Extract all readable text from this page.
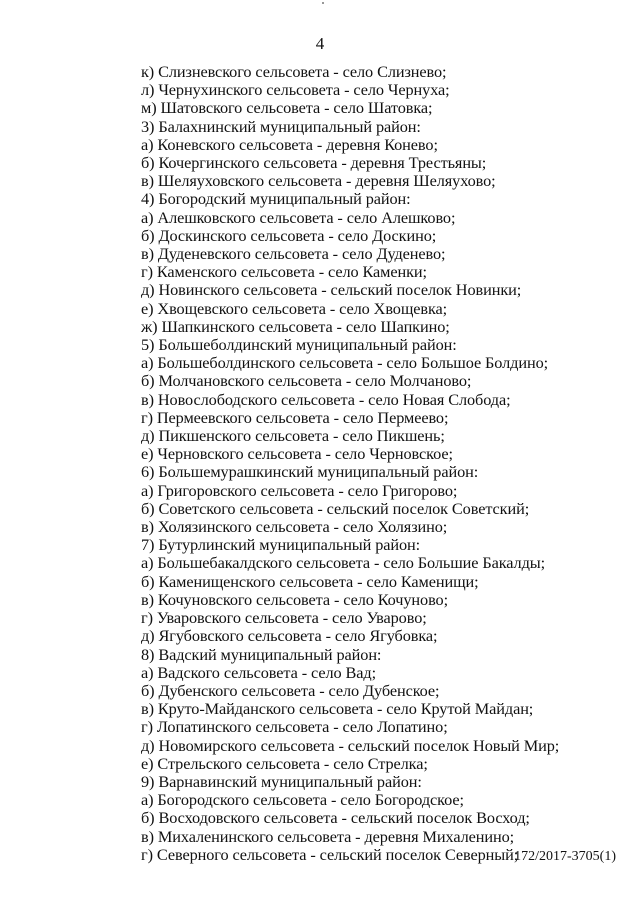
4
к) Слизневского сельсовета - село Слизнево;
л) Чернухинского сельсовета - село Чернуха;
м) Шатовского сельсовета - село Шатовка;
3) Балахнинский муниципальный район:
а) Коневского сельсовета - деревня Конево;
б) Кочергинского сельсовета - деревня Трестьяны;
в) Шеляуховского сельсовета - деревня Шеляухово;
4) Богородский муниципальный район:
а) Алешковского сельсовета - село Алешково;
б) Доскинского сельсовета - село Доскино;
в) Дуденевского сельсовета - село Дуденево;
г) Каменского сельсовета - село Каменки;
д) Новинского сельсовета - сельский поселок Новинки;
е) Хвощевского сельсовета - село Хвощевка;
ж) Шапкинского сельсовета - село Шапкино;
5) Большеболдинский муниципальный район:
а) Большеболдинского сельсовета - село Большое Болдино;
б) Молчановского сельсовета - село Молчаново;
в) Новослободского сельсовета - село Новая Слобода;
г) Пермеевского сельсовета - село Пермеево;
д) Пикшенского сельсовета - село Пикшень;
е) Черновского сельсовета - село Черновское;
6) Большемурашкинский муниципальный район:
а) Григоровского сельсовета - село Григорово;
б) Советского сельсовета - сельский поселок Советский;
в) Холязинского сельсовета - село Холязино;
7) Бутурлинский муниципальный район:
а) Большебакалдского сельсовета - село Большие Бакалды;
б) Каменищенского сельсовета - село Каменищи;
в) Кочуновского сельсовета - село Кочуново;
г) Уваровского сельсовета - село Уварово;
д) Ягубовского сельсовета - село Ягубовка;
8) Вадский муниципальный район:
а) Вадского сельсовета - село Вад;
б) Дубенского сельсовета - село Дубенское;
в) Круто-Майданского сельсовета - село Крутой Майдан;
г) Лопатинского сельсовета - село Лопатино;
д) Новомирского сельсовета - сельский поселок Новый Мир;
е) Стрельского сельсовета - село Стрелка;
9) Варнавинский муниципальный район:
а) Богородского сельсовета - село Богородское;
б) Восходовского сельсовета - сельский поселок Восход;
в) Михаленинского сельсовета - деревня Михаленино;
г) Северного сельсовета - сельский поселок Северный;
172/2017-3705(1)
